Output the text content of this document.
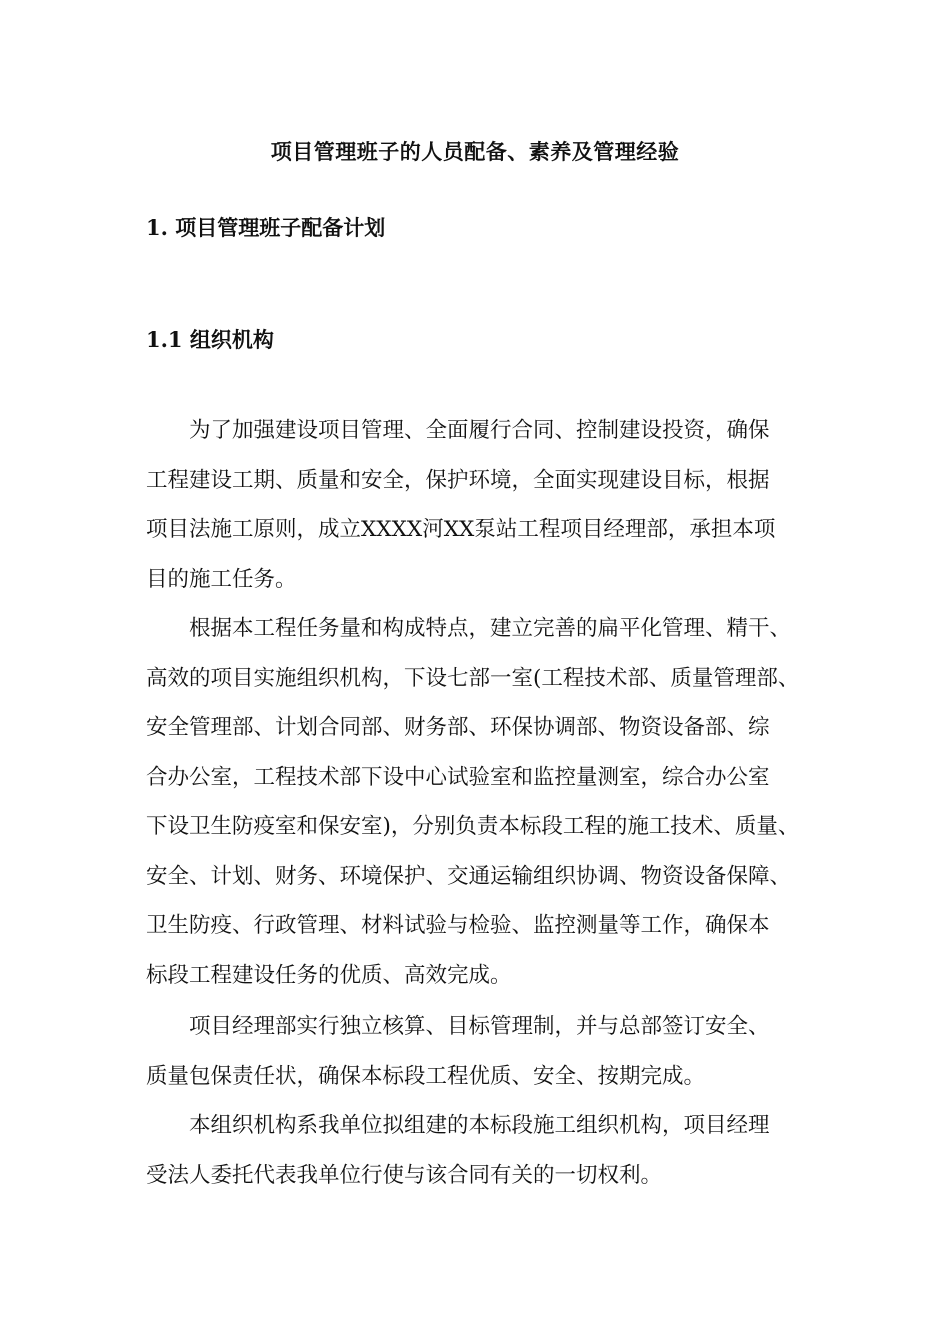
项目管理班子的人员配备、素养及管理经验
1. 项目管理班子配备计划
1.1 组织机构
为了加强建设项目管理、全面履行合同、控制建设投资，确保
工程建设工期、质量和安全，保护环境，全面实现建设目标，根据
项目法施工原则，成立XXXX河XX泵站工程项目经理部，承担本项
目的施工任务。
根据本工程任务量和构成特点，建立完善的扁平化管理、精干、
高效的项目实施组织机构，下设七部一室(工程技术部、质量管理部、
安全管理部、计划合同部、财务部、环保协调部、物资设备部、综
合办公室，工程技术部下设中心试验室和监控量测室，综合办公室
下设卫生防疫室和保安室)，分别负责本标段工程的施工技术、质量、
安全、计划、财务、环境保护、交通运输组织协调、物资设备保障、
卫生防疫、行政管理、材料试验与检验、监控测量等工作，确保本
标段工程建设任务的优质、高效完成。
项目经理部实行独立核算、目标管理制，并与总部签订安全、
质量包保责任状，确保本标段工程优质、安全、按期完成。
本组织机构系我单位拟组建的本标段施工组织机构，项目经理
受法人委托代表我单位行使与该合同有关的一切权利。
